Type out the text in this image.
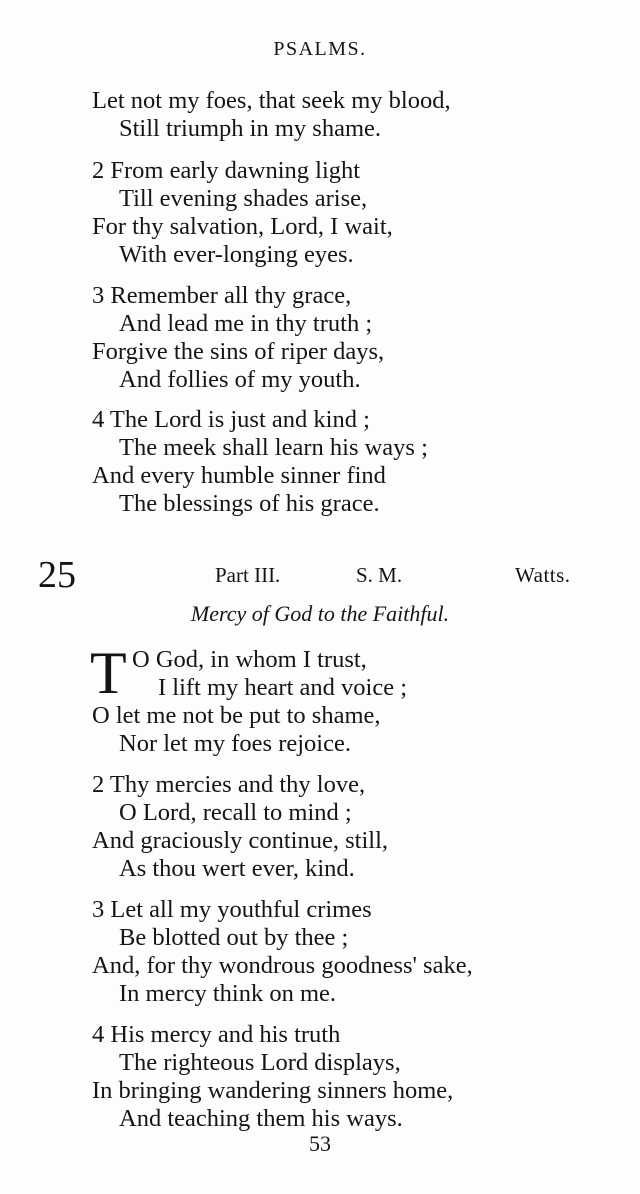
PSALMS.
Let not my foes, that seek my blood,
Still triumph in my shame.
2 From early dawning light
Till evening shades arise,
For thy salvation, Lord, I wait,
With ever-longing eyes.
3 Remember all thy grace,
And lead me in thy truth ;
Forgive the sins of riper days,
And follies of my youth.
4 The Lord is just and kind ;
The meek shall learn his ways ;
And every humble sinner find
The blessings of his grace.
25	Part III.	S. M.	Watts.
Mercy of God to the Faithful.
T O God, in whom I trust,
I lift my heart and voice ;
O let me not be put to shame,
Nor let my foes rejoice.
2 Thy mercies and thy love,
O Lord, recall to mind ;
And graciously continue, still,
As thou wert ever, kind.
3 Let all my youthful crimes
Be blotted out by thee ;
And, for thy wondrous goodness' sake,
In mercy think on me.
4 His mercy and his truth
The righteous Lord displays,
In bringing wandering sinners home,
And teaching them his ways.
53
